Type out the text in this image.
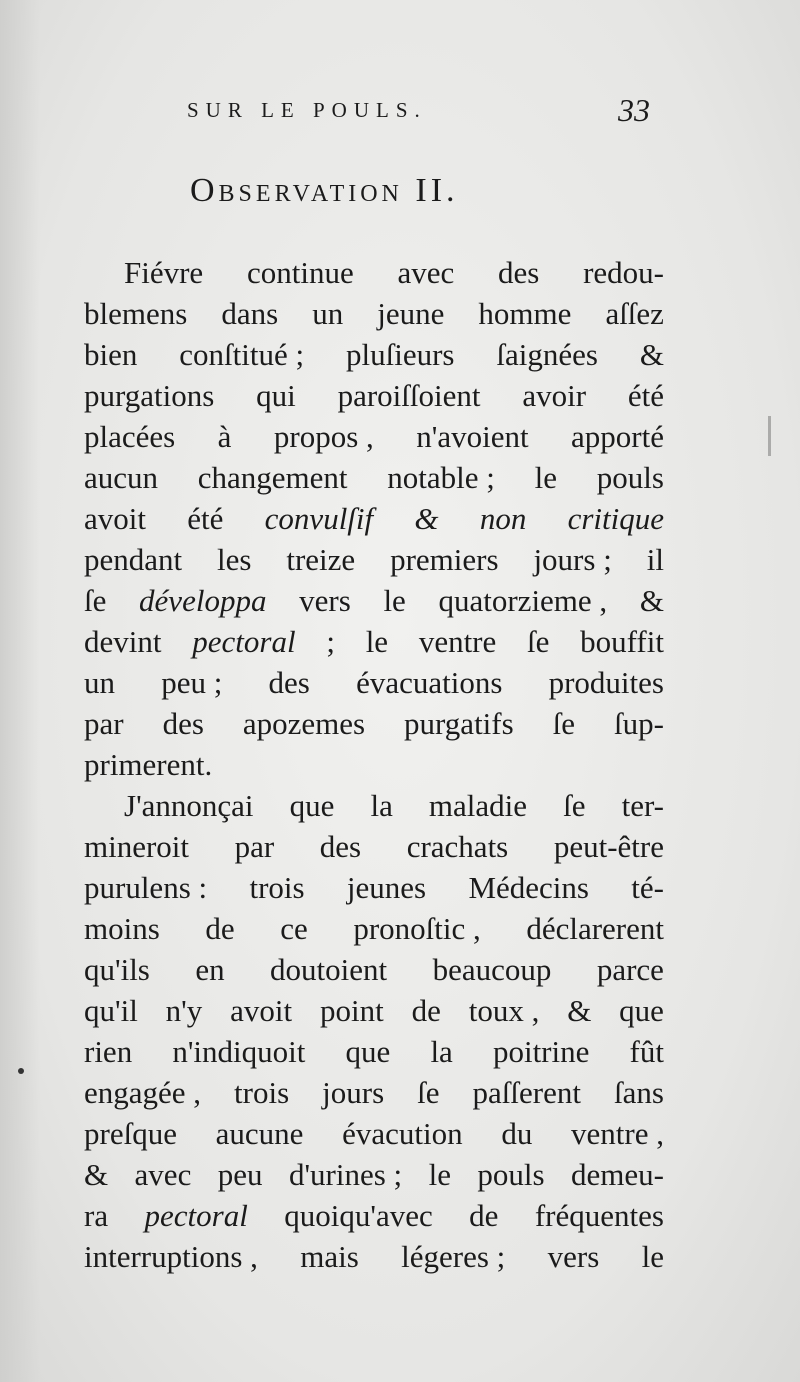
SUR LE POULS.	33
Observation II.
Fiévre continue avec des redou-
blemens dans un jeune homme aſſez
bien conſtitué ; pluſieurs ſaignées &
purgations qui paroiſſoient avoir été
placées à propos , n'avoient apporté
aucun changement notable ; le pouls
avoit été convulſif & non critique
pendant les treize premiers jours ; il
ſe développa vers le quatorzieme , &
devint pectoral ; le ventre ſe bouffit
un peu ; des évacuations produites
par des apozemes purgatifs ſe ſup-
primerent.
J'annonçai que la maladie ſe ter-
mineroit par des crachats peut-être
purulens : trois jeunes Médecins té-
moins de ce pronoſtic , déclarerent
qu'ils en doutoient beaucoup parce
qu'il n'y avoit point de toux , & que
rien n'indiquoit que la poitrine fût
engagée , trois jours ſe paſſerent ſans
preſque aucune évacution du ventre ,
& avec peu d'urines ; le pouls demeu-
ra pectoral quoiqu'avec de fréquentes
interruptions , mais légeres ; vers le
